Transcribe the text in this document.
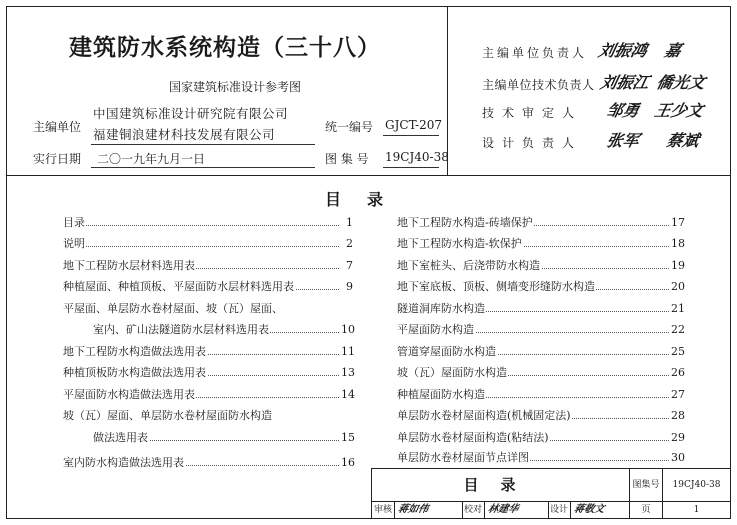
建筑防水系统构造（三十八）
国家建筑标准设计参考图
主编单位
中国建筑标准设计研究院有限公司
福建铜浪建材科技发展有限公司	统一编号 GJCT-207
实行日期 二〇一九年九月一日	图 集 号 19CJ40-38
主编单位负责人 刘振鸿 嘉
主编单位技术负责人 刘振江 僑光文
技术审定人 邹勇 王少文
设计负责人 张军 蔡斌
目录
目录	1
说明	2
地下工程防水层材料选用表	7
种植屋面、种植顶板、平屋面防水层材料选用表	9
平屋面、单层防水卷材屋面、坡（瓦）屋面、
室内、矿山法隧道防水层材料选用表	10
地下工程防水构造做法选用表	11
种植顶板防水构造做法选用表	13
平屋面防水构造做法选用表	14
坡（瓦）屋面、单层防水卷材屋面防水构造
做法选用表	15
室内防水构造做法选用表	16
地下工程防水构造-砖墙保护	17
地下工程防水构造-软保护	18
地下室桩头、后浇带防水构造	19
地下室底板、顶板、侧墙变形缝防水构造	20
隧道洞库防水构造	21
平屋面防水构造	22
管道穿屋面防水构造	25
坡（瓦）屋面防水构造	26
种植屋面防水构造	27
单层防水卷材屋面构造(机械固定法)	28
单层防水卷材屋面构造(粘结法)	29
单层防水卷材屋面节点详图	30
目录	图集号	19CJ40-38
审核 蒋如伟	校对 林建华	设计 蒋敬文	页	1
